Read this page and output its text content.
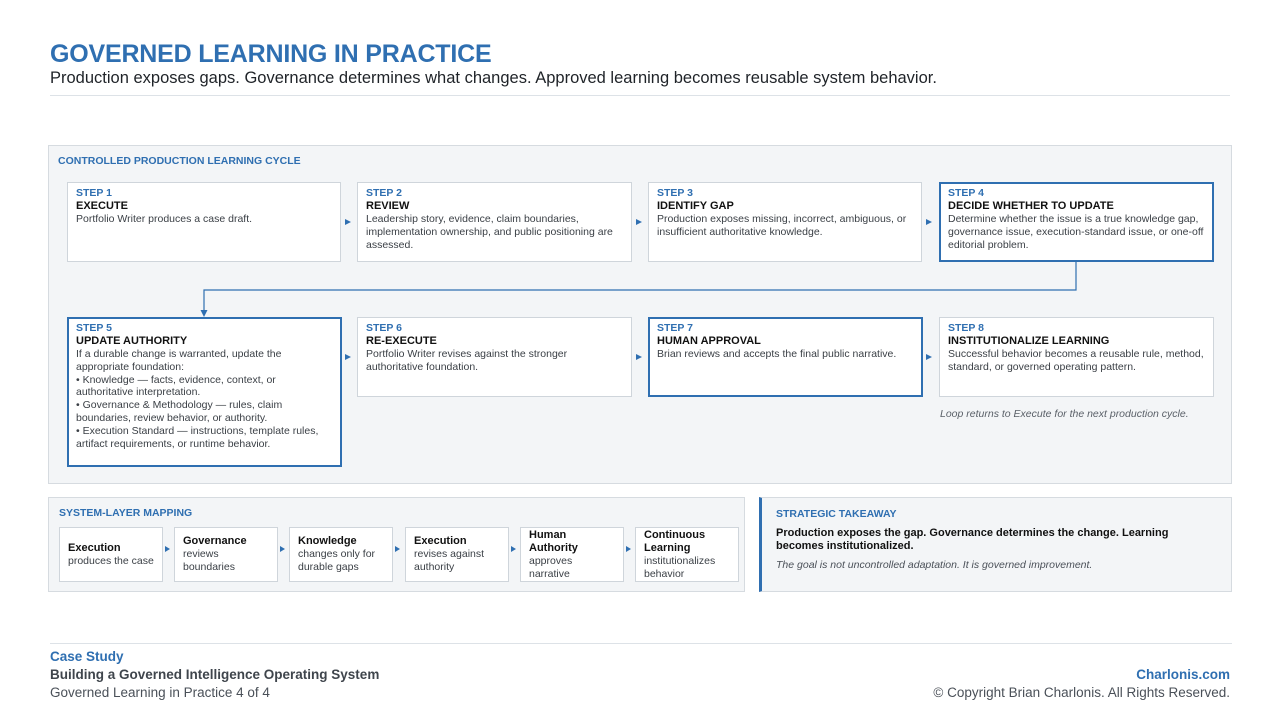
GOVERNED LEARNING IN PRACTICE
Production exposes gaps. Governance determines what changes. Approved learning becomes reusable system behavior.
CONTROLLED PRODUCTION LEARNING CYCLE
STEP 1
EXECUTE
Portfolio Writer produces a case draft.
STEP 2
REVIEW
Leadership story, evidence, claim boundaries, implementation ownership, and public positioning are assessed.
STEP 3
IDENTIFY GAP
Production exposes missing, incorrect, ambiguous, or insufficient authoritative knowledge.
STEP 4
DECIDE WHETHER TO UPDATE
Determine whether the issue is a true knowledge gap, governance issue, execution-standard issue, or one-off editorial problem.
STEP 5
UPDATE AUTHORITY
If a durable change is warranted, update the appropriate foundation:
• Knowledge — facts, evidence, context, or authoritative interpretation.
• Governance & Methodology — rules, claim boundaries, review behavior, or authority.
• Execution Standard — instructions, template rules, artifact requirements, or runtime behavior.
STEP 6
RE-EXECUTE
Portfolio Writer revises against the stronger authoritative foundation.
STEP 7
HUMAN APPROVAL
Brian reviews and accepts the final public narrative.
STEP 8
INSTITUTIONALIZE LEARNING
Successful behavior becomes a reusable rule, method, standard, or governed operating pattern.
Loop returns to Execute for the next production cycle.
SYSTEM-LAYER MAPPING
Execution
produces the case
Governance
reviews boundaries
Knowledge
changes only for durable gaps
Execution
revises against authority
Human Authority
approves narrative
Continuous Learning
institutionalizes behavior
STRATEGIC TAKEAWAY
Production exposes the gap. Governance determines the change. Learning becomes institutionalized.
The goal is not uncontrolled adaptation. It is governed improvement.
Case Study
Building a Governed Intelligence Operating System
Governed Learning in Practice 4 of 4
Charlonis.com
© Copyright Brian Charlonis. All Rights Reserved.
